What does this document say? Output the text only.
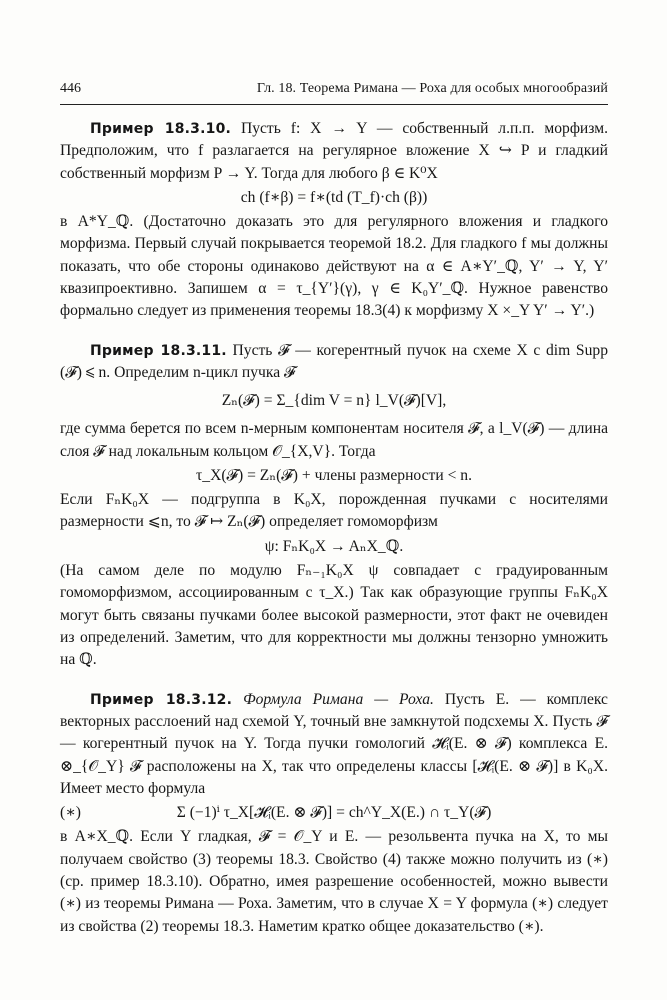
446	Гл. 18. Теорема Римана — Роха для особых многообразий

Пример 18.3.10. Пусть f: X → Y — собственный л.п.п. морфизм. Предположим, что f разлагается на регулярное вложение X ↪ P и гладкий собственный морфизм P → Y. Тогда для любого β ∈ K⁰X

ch (f∗β) = f∗(td (T_f)·ch (β))

в A*Y_ℚ. (Достаточно доказать это для регулярного вложения и гладкого морфизма. Первый случай покрывается теоремой 18.2. Для гладкого f мы должны показать, что обе стороны одинаково действуют на α ∈ A∗Y′_ℚ, Y′ → Y, Y′ квазипроективно. Запишем α = τ_{Y′}(γ), γ ∈ K₀Y′_ℚ. Нужное равенство формально следует из применения теоремы 18.3(4) к морфизму X ×_Y Y′ → Y′.)

Пример 18.3.11. Пусть 𝓕 — когерентный пучок на схеме X с dim Supp (𝓕) ⩽ n. Определим n-цикл пучка 𝓕

Zₙ(𝓕) = Σ_{dim V = n} l_V(𝓕)[V],

где сумма берется по всем n-мерным компонентам носителя 𝓕, а l_V(𝓕) — длина слоя 𝓕 над локальным кольцом 𝒪_{X,V}. Тогда

τ_X(𝓕) = Zₙ(𝓕) + члены размерности < n.

Если FₙK₀X — подгруппа в K₀X, порожденная пучками с носителями размерности ⩽n, то 𝓕 ↦ Zₙ(𝓕) определяет гомоморфизм

ψ: FₙK₀X → AₙX_ℚ.

(На самом деле по модулю Fₙ₋₁K₀X ψ совпадает с градуированным гомоморфизмом, ассоциированным с τ_X.) Так как образующие группы FₙK₀X могут быть связаны пучками более высокой размерности, этот факт не очевиден из определений. Заметим, что для корректности мы должны тензорно умножить на ℚ.

Пример 18.3.12. Формула Римана — Роха. Пусть E. — комплекс векторных расслоений над схемой Y, точный вне замкнутой подсхемы X. Пусть 𝓕 — когерентный пучок на Y. Тогда пучки гомологий 𝓗ᵢ(E. ⊗ 𝓕) комплекса E. ⊗_{𝒪_Y} 𝓕 расположены на X, так что определены классы [𝓗ᵢ(E. ⊗ 𝓕)] в K₀X. Имеет место формула

(∗)	Σ (−1)ⁱ τ_X[𝓗ᵢ(E. ⊗ 𝓕)] = ch^Y_X(E.) ∩ τ_Y(𝓕)

в A∗X_ℚ. Если Y гладкая, 𝓕 = 𝒪_Y и E. — резольвента пучка на X, то мы получаем свойство (3) теоремы 18.3. Свойство (4) также можно получить из (∗) (ср. пример 18.3.10). Обратно, имея разрешение особенностей, можно вывести (∗) из теоремы Римана — Роха. Заметим, что в случае X = Y формула (∗) следует из свойства (2) теоремы 18.3. Наметим кратко общее доказательство (∗).
